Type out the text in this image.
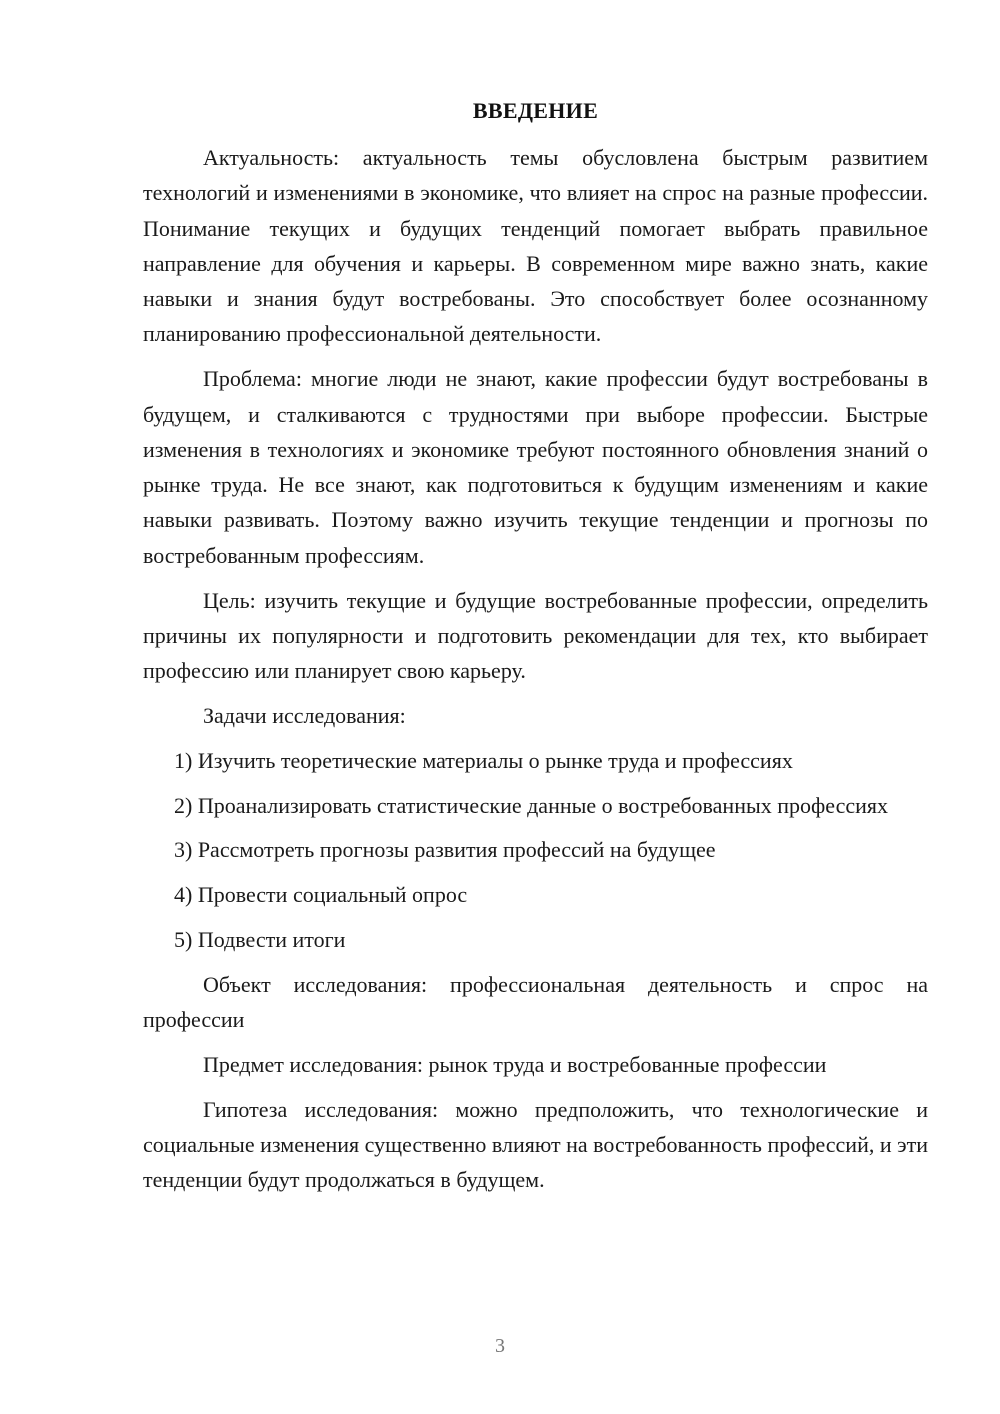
ВВЕДЕНИЕ

Актуальность: актуальность темы обусловлена быстрым развитием технологий и изменениями в экономике, что влияет на спрос на разные профессии. Понимание текущих и будущих тенденций помогает выбрать правильное направление для обучения и карьеры. В современном мире важно знать, какие навыки и знания будут востребованы. Это способствует более осознанному планированию профессиональной деятельности.

Проблема: многие люди не знают, какие профессии будут востребованы в будущем, и сталкиваются с трудностями при выборе профессии. Быстрые изменения в технологиях и экономике требуют постоянного обновления знаний о рынке труда. Не все знают, как подготовиться к будущим изменениям и какие навыки развивать. Поэтому важно изучить текущие тенденции и прогнозы по востребованным профессиям.

Цель: изучить текущие и будущие востребованные профессии, определить причины их популярности и подготовить рекомендации для тех, кто выбирает профессию или планирует свою карьеру.

Задачи исследования:

1) Изучить теоретические материалы о рынке труда и профессиях

2) Проанализировать статистические данные о востребованных профессиях

3) Рассмотреть прогнозы развития профессий на будущее

4) Провести социальный опрос

5) Подвести итоги

Объект исследования: профессиональная деятельность и спрос на профессии

Предмет исследования: рынок труда и востребованные профессии

Гипотеза исследования: можно предположить, что технологические и социальные изменения существенно влияют на востребованность профессий, и эти тенденции будут продолжаться в будущем.

3
